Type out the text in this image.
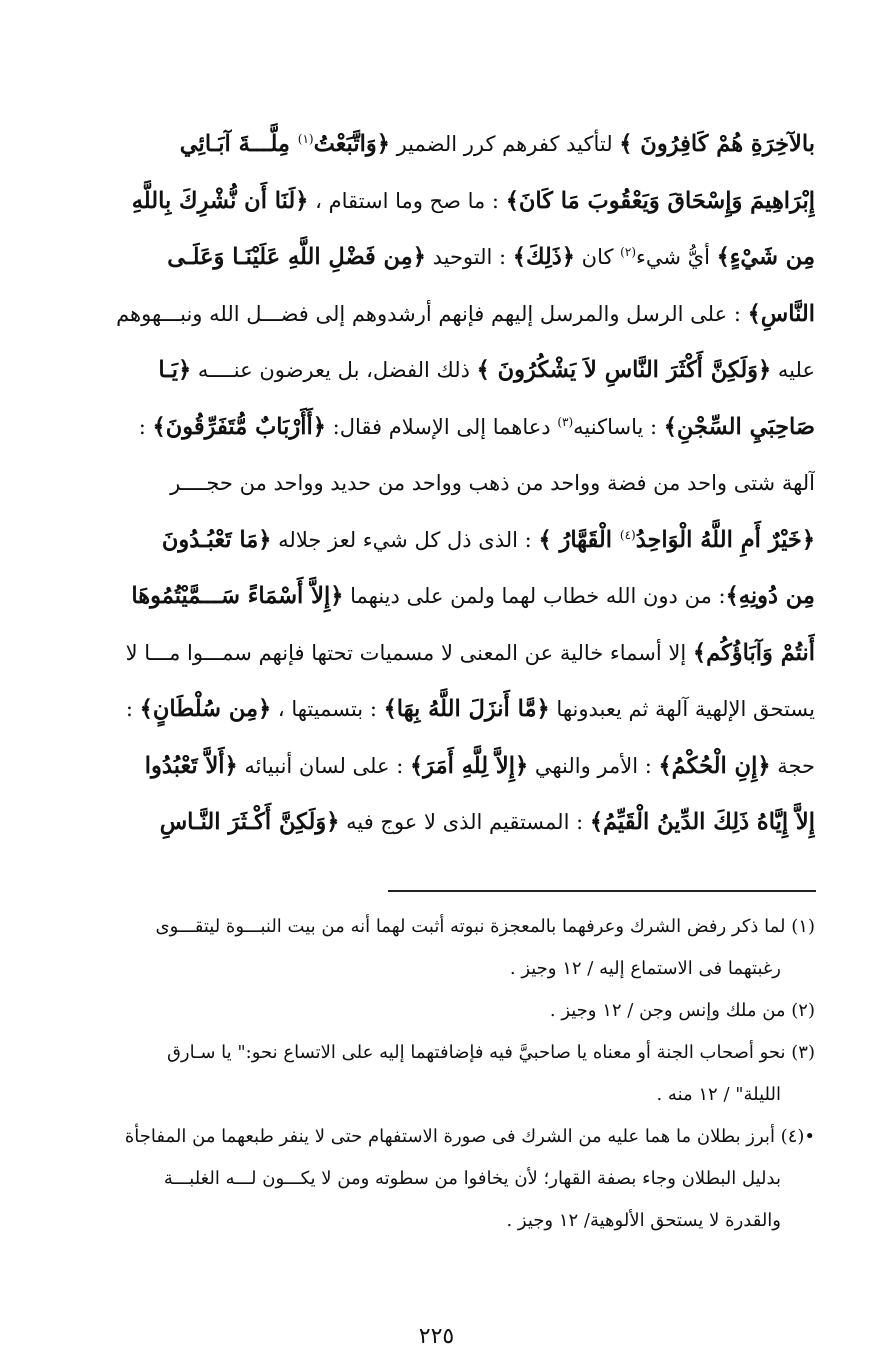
بالآخِرَةِ هُمْ كَافِرُونَ ﴾ لتأكيد كفرهم كرر الضمير ﴿وَاتَّبَعْتُ$^{(١)}$ مِلَّـــةَ آبَـائِي
إِبْرَاهِيمَ وَإِسْحَاقَ وَيَعْقُوبَ مَا كَانَ﴾ : ما صح وما استقام ، ﴿لَنَا أَن نُّشْرِكَ بِاللَّهِ
مِن شَيْءٍ﴾ أيُّ شيء$^{(٢)}$ كان ﴿ذَلِكَ﴾ : التوحيد ﴿مِن فَضْلِ اللَّهِ عَلَيْنَـا وَعَلَـى
النَّاسِ﴾ : على الرسل والمرسل إليهم فإنهم أرشدوهم إلى فضـــل الله ونبـــهوهم
عليه ﴿وَلَكِنَّ أَكْثَرَ النَّاسِ لاَ يَشْكُرُونَ ﴾ ذلك الفضل، بل يعرضون عنــــه ﴿يَـا
صَاحِبَيِ السِّجْنِ﴾ : ياساكنيه$^{(٣)}$ دعاهما إلى الإسلام فقال: ﴿أَأَرْبَابٌ مُّتَفَرِّقُونَ﴾ :
آلهة شتى واحد من فضة وواحد من ذهب وواحد من حديد وواحد من حجــــر
﴿خَيْرٌ أَمِ اللَّهُ الْوَاحِدُ$^{(٤)}$ الْقَهَّارُ ﴾ : الذى ذل كل شيء لعز جلاله ﴿مَا تَعْبُـدُونَ
مِن دُونِهِ﴾: من دون الله خطاب لهما ولمن على دينهما ﴿إِلاَّ أَسْمَاءً سَـــمَّيْتُمُوهَا
أَنتُمْ وَآبَاؤُكُم﴾ إلا أسماء خالية عن المعنى لا مسميات تحتها فإنهم سمـــوا مـــا لا
يستحق الإلهية آلهة ثم يعبدونها ﴿مَّا أَنزَلَ اللَّهُ بِهَا﴾ : بتسميتها ، ﴿مِن سُلْطَانٍ﴾ :
حجة ﴿إِنِ الْحُكْمُ﴾ : الأمر والنهي ﴿إِلاَّ لِلَّهِ أَمَرَ﴾ : على لسان أنبيائه ﴿أَلاَّ تَعْبُدُوا
إِلاَّ إِيَّاهُ ذَلِكَ الدِّينُ الْقَيِّمُ﴾ : المستقيم الذى لا عوج فيه ﴿وَلَكِنَّ أَكْـثَرَ النَّـاسِ
(١) لما ذكر رفض الشرك وعرفهما بالمعجزة نبوته أثبت لهما أنه من بيت النبـــوة ليتقـــوى
رغبتهما فى الاستماع إليه / ١٢ وجيز .
(٢) من ملك وإنس وجن / ١٢ وجيز .
(٣) نحو أصحاب الجنة أو معناه يا صاحبيَّ فيه فإضافتهما إليه على الاتساع نحو:" يا سـارق
الليلة" / ١٢ منه .
•(٤) أبرز بطلان ما هما عليه من الشرك فى صورة الاستفهام حتى لا ينفر طبعهما من المفاجأة
بدليل البطلان وجاء بصفة القهار؛ لأن يخافوا من سطوته ومن لا يكـــون لـــه الغلبـــة
والقدرة لا يستحق الألوهية/ ١٢ وجيز .
٢٢٥
